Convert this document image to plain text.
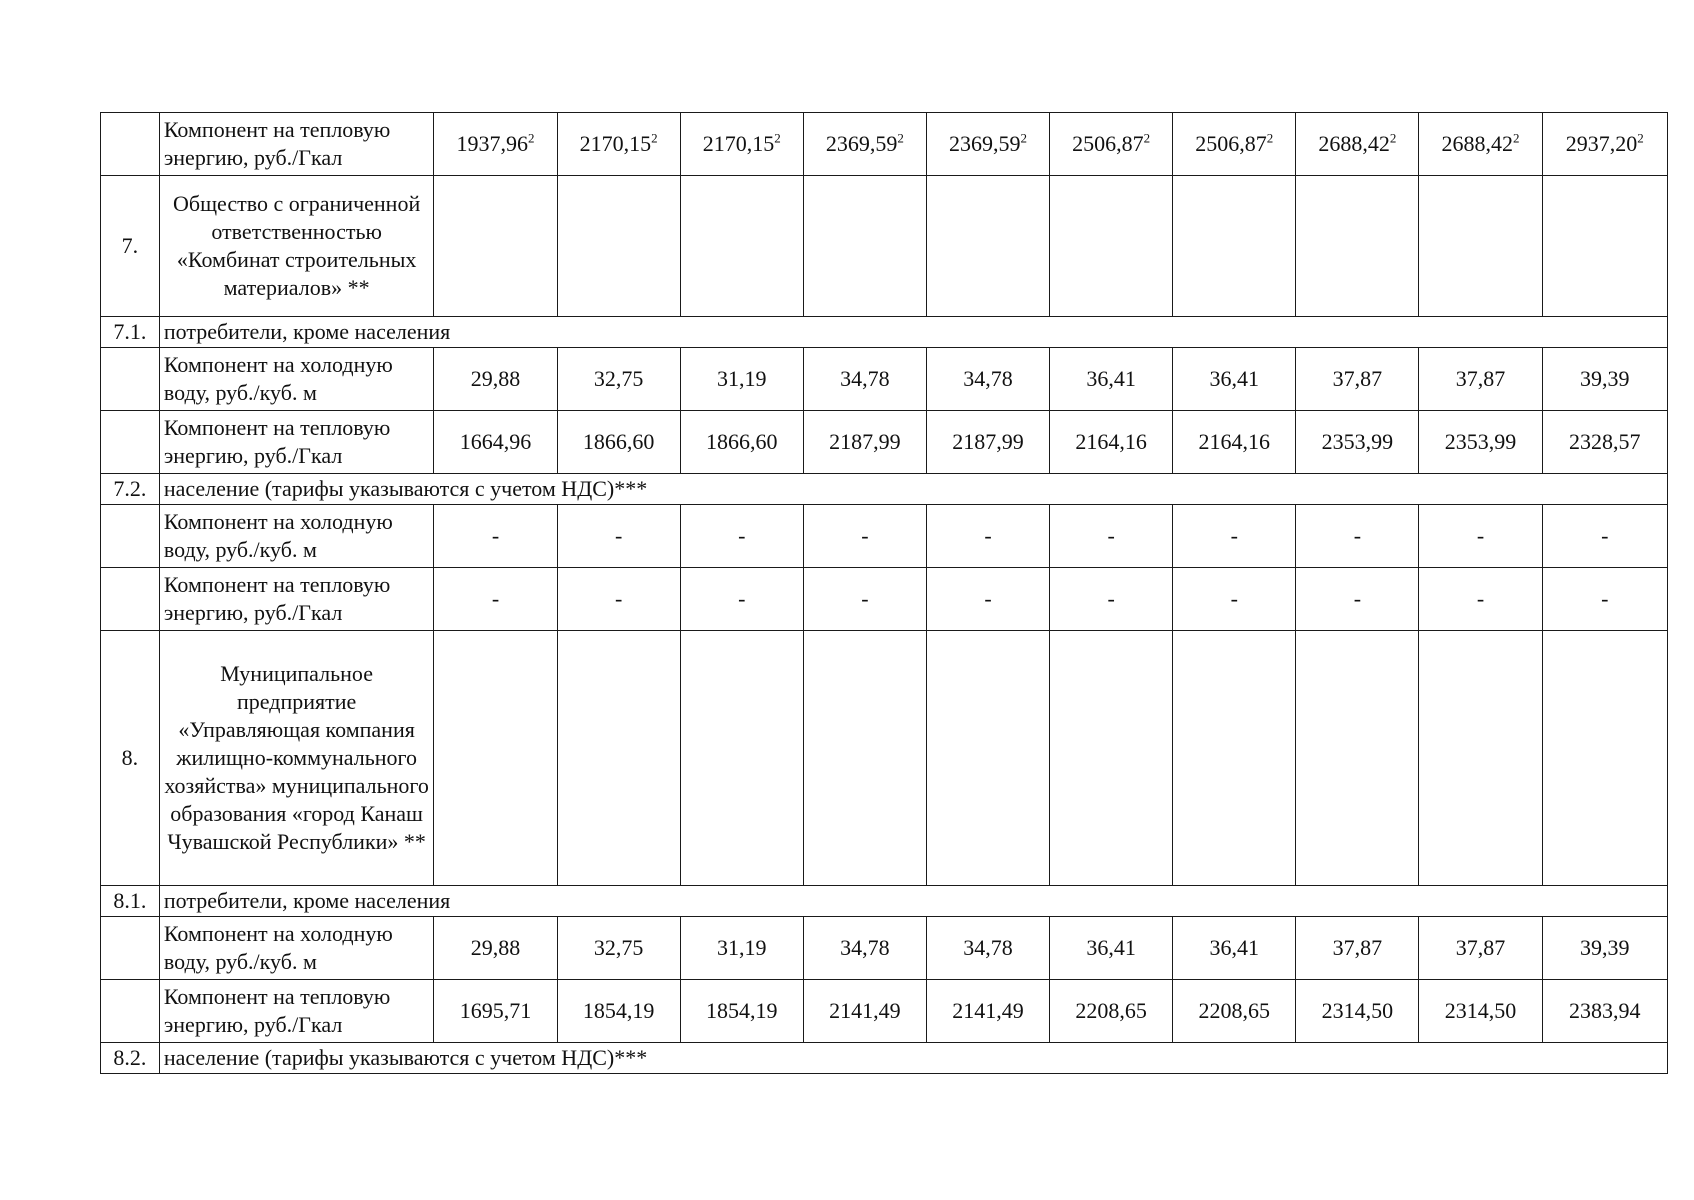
	Компонент на тепловую энергию, руб./Гкал	1937,96$^2$	2170,15$^2$	2170,15$^2$	2369,59$^2$	2369,59$^2$	2506,87$^2$	2506,87$^2$	2688,42$^2$	2688,42$^2$	2937,20$^2$
7.	Общество с ограниченной ответственностью «Комбинат строительных материалов» **										
7.1.	потребители, кроме населения										
	Компонент на холодную воду, руб./куб. м	29,88	32,75	31,19	34,78	34,78	36,41	36,41	37,87	37,87	39,39
	Компонент на тепловую энергию, руб./Гкал	1664,96	1866,60	1866,60	2187,99	2187,99	2164,16	2164,16	2353,99	2353,99	2328,57
7.2.	население (тарифы указываются с учетом НДС)***										
	Компонент на холодную воду, руб./куб. м	-	-	-	-	-	-	-	-	-	-
	Компонент на тепловую энергию, руб./Гкал	-	-	-	-	-	-	-	-	-	-
8.	Муниципальное предприятие «Управляющая компания жилищно-коммунального хозяйства» муниципального образования «город Канаш Чувашской Республики» **										
8.1.	потребители, кроме населения										
	Компонент на холодную воду, руб./куб. м	29,88	32,75	31,19	34,78	34,78	36,41	36,41	37,87	37,87	39,39
	Компонент на тепловую энергию, руб./Гкал	1695,71	1854,19	1854,19	2141,49	2141,49	2208,65	2208,65	2314,50	2314,50	2383,94
8.2.	население (тарифы указываются с учетом НДС)***										
